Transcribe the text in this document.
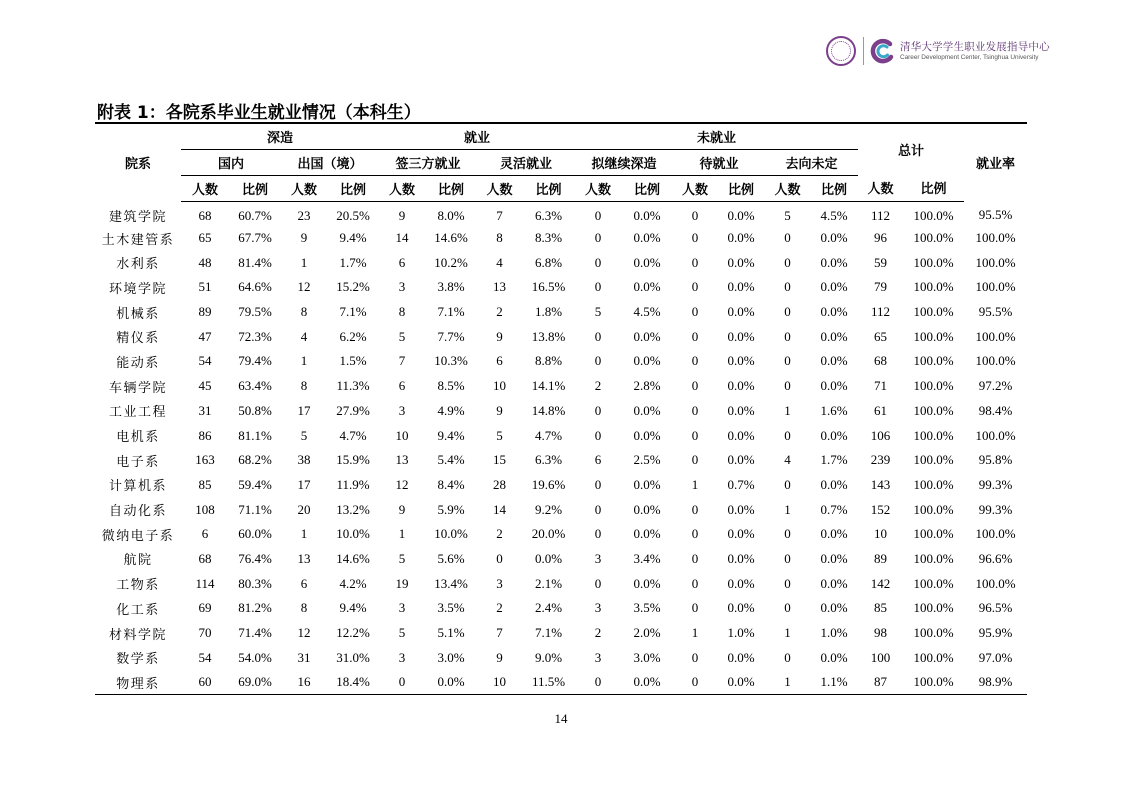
清华大学学生职业发展指导中心
Career Development Center, Tsinghua University
附表 1：各院系毕业生就业情况（本科生）
院系	深造				就业				未就业						总计		就业率
	国内		出国（境）		签三方就业		灵活就业		拟继续深造		待就业		去向未定				
	人数	比例	人数	比例	人数	比例	人数	比例	人数	比例	人数	比例	人数	比例	人数	比例	
建筑学院	68	60.7%	23	20.5%	9	8.0%	7	6.3%	0	0.0%	0	0.0%	5	4.5%	112	100.0%	95.5%
土木建管系	65	67.7%	9	9.4%	14	14.6%	8	8.3%	0	0.0%	0	0.0%	0	0.0%	96	100.0%	100.0%
水利系	48	81.4%	1	1.7%	6	10.2%	4	6.8%	0	0.0%	0	0.0%	0	0.0%	59	100.0%	100.0%
环境学院	51	64.6%	12	15.2%	3	3.8%	13	16.5%	0	0.0%	0	0.0%	0	0.0%	79	100.0%	100.0%
机械系	89	79.5%	8	7.1%	8	7.1%	2	1.8%	5	4.5%	0	0.0%	0	0.0%	112	100.0%	95.5%
精仪系	47	72.3%	4	6.2%	5	7.7%	9	13.8%	0	0.0%	0	0.0%	0	0.0%	65	100.0%	100.0%
能动系	54	79.4%	1	1.5%	7	10.3%	6	8.8%	0	0.0%	0	0.0%	0	0.0%	68	100.0%	100.0%
车辆学院	45	63.4%	8	11.3%	6	8.5%	10	14.1%	2	2.8%	0	0.0%	0	0.0%	71	100.0%	97.2%
工业工程	31	50.8%	17	27.9%	3	4.9%	9	14.8%	0	0.0%	0	0.0%	1	1.6%	61	100.0%	98.4%
电机系	86	81.1%	5	4.7%	10	9.4%	5	4.7%	0	0.0%	0	0.0%	0	0.0%	106	100.0%	100.0%
电子系	163	68.2%	38	15.9%	13	5.4%	15	6.3%	6	2.5%	0	0.0%	4	1.7%	239	100.0%	95.8%
计算机系	85	59.4%	17	11.9%	12	8.4%	28	19.6%	0	0.0%	1	0.7%	0	0.0%	143	100.0%	99.3%
自动化系	108	71.1%	20	13.2%	9	5.9%	14	9.2%	0	0.0%	0	0.0%	1	0.7%	152	100.0%	99.3%
微纳电子系	6	60.0%	1	10.0%	1	10.0%	2	20.0%	0	0.0%	0	0.0%	0	0.0%	10	100.0%	100.0%
航院	68	76.4%	13	14.6%	5	5.6%	0	0.0%	3	3.4%	0	0.0%	0	0.0%	89	100.0%	96.6%
工物系	114	80.3%	6	4.2%	19	13.4%	3	2.1%	0	0.0%	0	0.0%	0	0.0%	142	100.0%	100.0%
化工系	69	81.2%	8	9.4%	3	3.5%	2	2.4%	3	3.5%	0	0.0%	0	0.0%	85	100.0%	96.5%
材料学院	70	71.4%	12	12.2%	5	5.1%	7	7.1%	2	2.0%	1	1.0%	1	1.0%	98	100.0%	95.9%
数学系	54	54.0%	31	31.0%	3	3.0%	9	9.0%	3	3.0%	0	0.0%	0	0.0%	100	100.0%	97.0%
物理系	60	69.0%	16	18.4%	0	0.0%	10	11.5%	0	0.0%	0	0.0%	1	1.1%	87	100.0%	98.9%
14
